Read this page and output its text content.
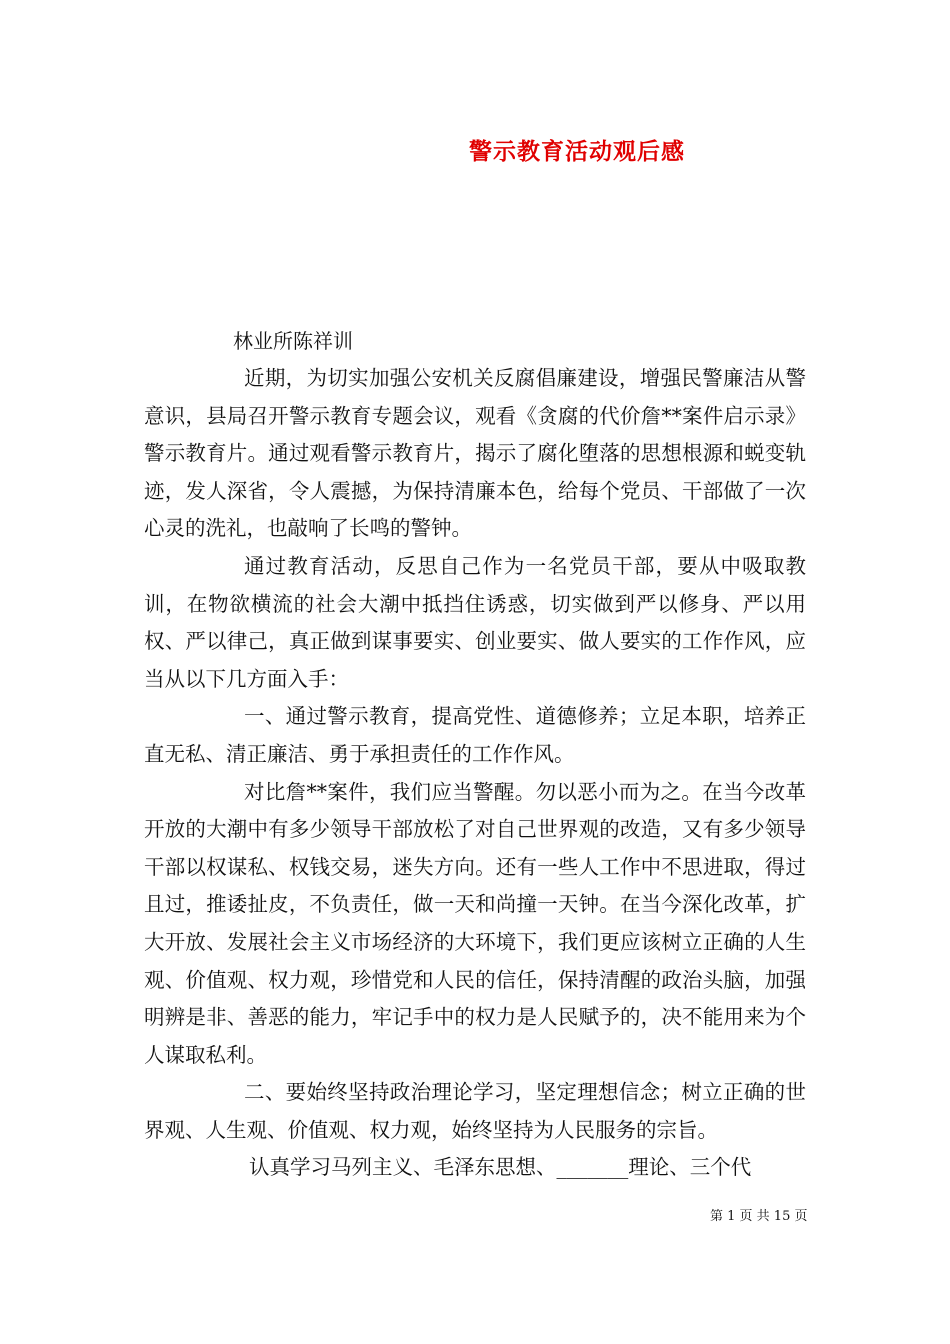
警示教育活动观后感
林业所陈祥训

近期，为切实加强公安机关反腐倡廉建设，增强民警廉洁从警意识，县局召开警示教育专题会议，观看《贪腐的代价詹**案件启示录》警示教育片。通过观看警示教育片，揭示了腐化堕落的思想根源和蜕变轨迹，发人深省，令人震撼，为保持清廉本色，给每个党员、干部做了一次心灵的洗礼，也敲响了长鸣的警钟。

通过教育活动，反思自己作为一名党员干部，要从中吸取教训，在物欲横流的社会大潮中抵挡住诱惑，切实做到严以修身、严以用权、严以律己，真正做到谋事要实、创业要实、做人要实的工作作风，应当从以下几方面入手：

一、通过警示教育，提高党性、道德修养；立足本职，培养正直无私、清正廉洁、勇于承担责任的工作作风。

对比詹**案件，我们应当警醒。勿以恶小而为之。在当今改革开放的大潮中有多少领导干部放松了对自己世界观的改造，又有多少领导干部以权谋私、权钱交易，迷失方向。还有一些人工作中不思进取，得过且过，推诿扯皮，不负责任，做一天和尚撞一天钟。在当今深化改革，扩大开放、发展社会主义市场经济的大环境下，我们更应该树立正确的人生观、价值观、权力观，珍惜党和人民的信任，保持清醒的政治头脑，加强明辨是非、善恶的能力，牢记手中的权力是人民赋予的，决不能用来为个人谋取私利。

二、要始终坚持政治理论学习，坚定理想信念；树立正确的世界观、人生观、价值观、权力观，始终坚持为人民服务的宗旨。

认真学习马列主义、毛泽东思想、_______理论、三个代

第 1 页 共 15 页
